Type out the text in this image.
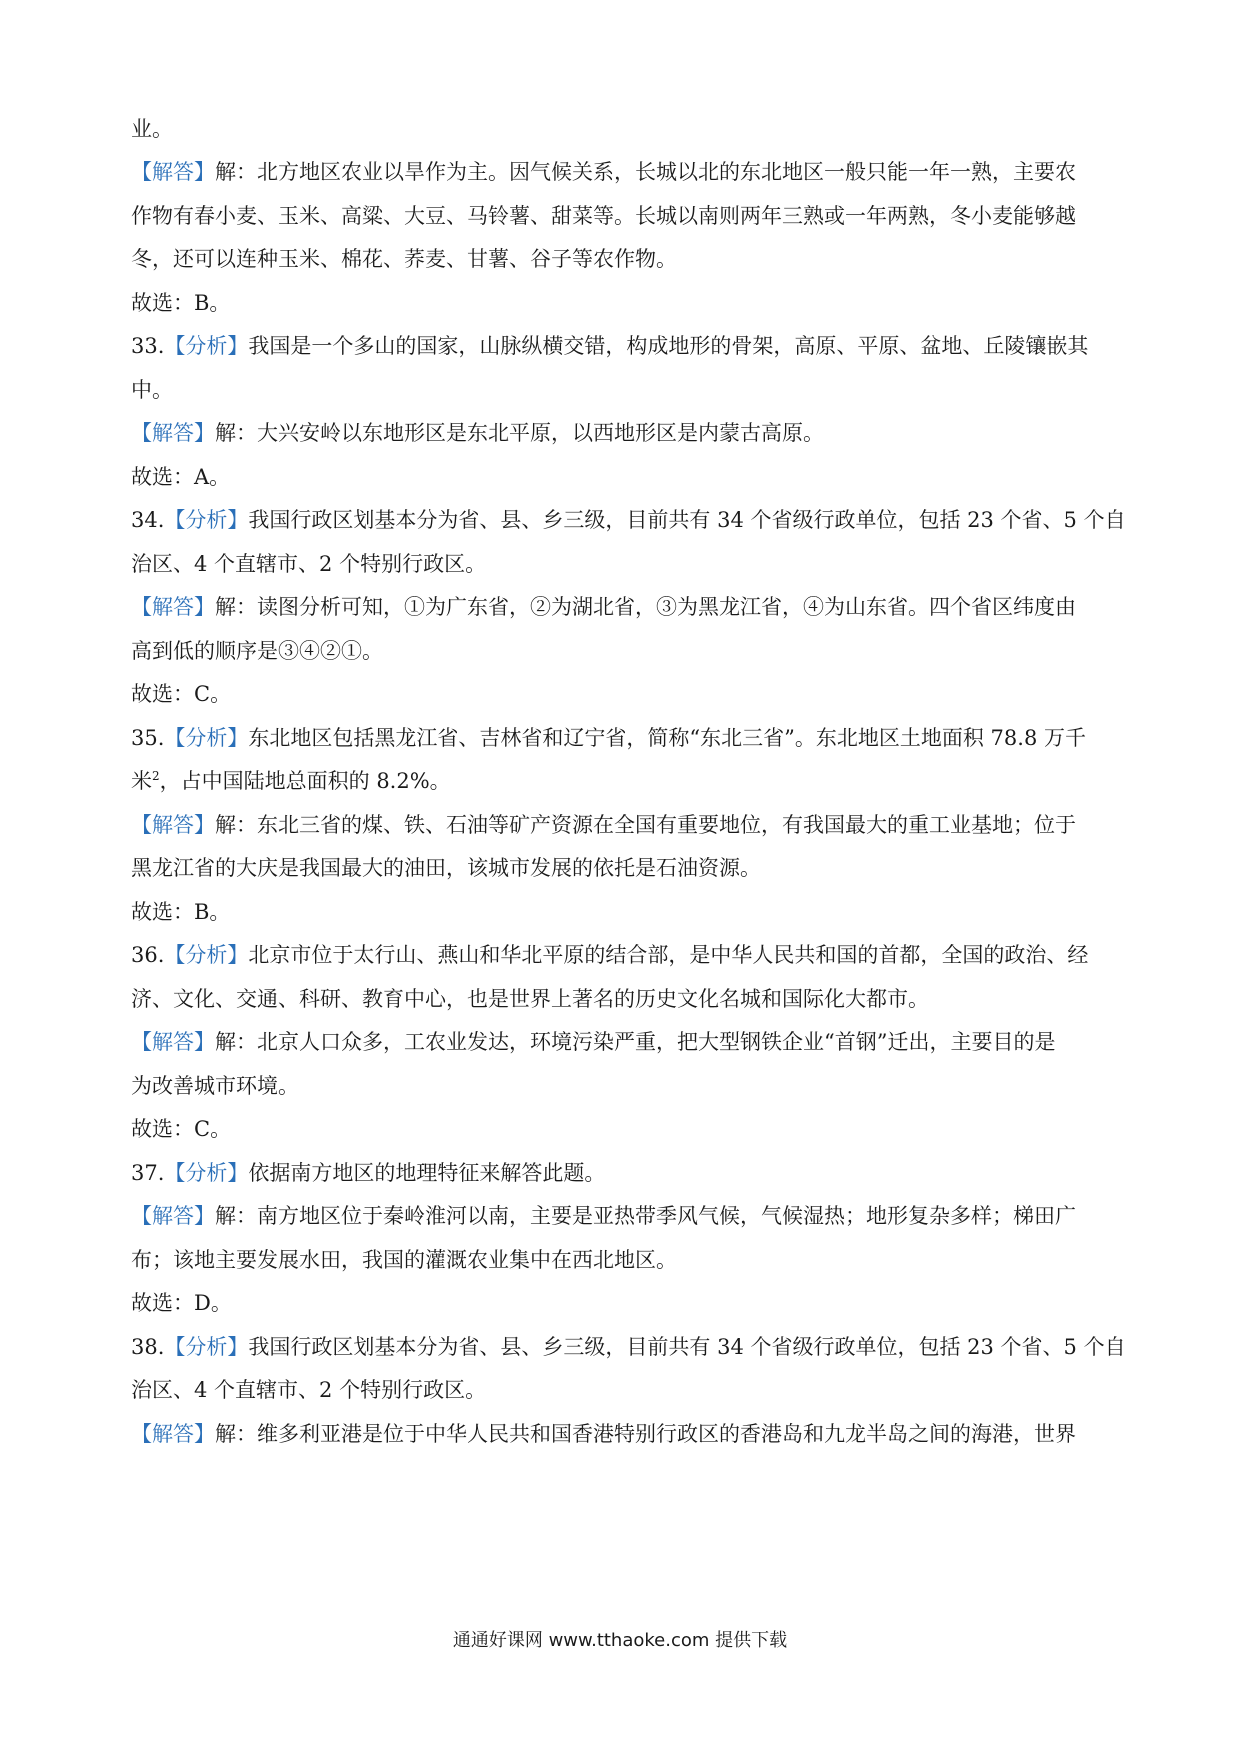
业。
【解答】解：北方地区农业以旱作为主。因气候关系，长城以北的东北地区一般只能一年一熟，主要农
作物有春小麦、玉米、高粱、大豆、马铃薯、甜菜等。长城以南则两年三熟或一年两熟，冬小麦能够越
冬，还可以连种玉米、棉花、荞麦、甘薯、谷子等农作物。
故选：B。
33.【分析】我国是一个多山的国家，山脉纵横交错，构成地形的骨架，高原、平原、盆地、丘陵镶嵌其
中。
【解答】解：大兴安岭以东地形区是东北平原，以西地形区是内蒙古高原。
故选：A。
34.【分析】我国行政区划基本分为省、县、乡三级，目前共有 34 个省级行政单位，包括 23 个省、5 个自
治区、4 个直辖市、2 个特别行政区。
【解答】解：读图分析可知，①为广东省，②为湖北省，③为黑龙江省，④为山东省。四个省区纬度由
高到低的顺序是③④②①。
故选：C。
35.【分析】东北地区包括黑龙江省、吉林省和辽宁省，简称“东北三省”。东北地区土地面积 78.8 万千
米$^2$，占中国陆地总面积的 8.2%。
【解答】解：东北三省的煤、铁、石油等矿产资源在全国有重要地位，有我国最大的重工业基地；位于
黑龙江省的大庆是我国最大的油田，该城市发展的依托是石油资源。
故选：B。
36.【分析】北京市位于太行山、燕山和华北平原的结合部，是中华人民共和国的首都，全国的政治、经
济、文化、交通、科研、教育中心，也是世界上著名的历史文化名城和国际化大都市。
【解答】解：北京人口众多，工农业发达，环境污染严重，把大型钢铁企业“首钢”迁出，主要目的是
为改善城市环境。
故选：C。
37.【分析】依据南方地区的地理特征来解答此题。
【解答】解：南方地区位于秦岭淮河以南，主要是亚热带季风气候，气候湿热；地形复杂多样；梯田广
布；该地主要发展水田，我国的灌溉农业集中在西北地区。
故选：D。
38.【分析】我国行政区划基本分为省、县、乡三级，目前共有 34 个省级行政单位，包括 23 个省、5 个自
治区、4 个直辖市、2 个特别行政区。
【解答】解：维多利亚港是位于中华人民共和国香港特别行政区的香港岛和九龙半岛之间的海港，世界
通通好课网 www.tthaoke.com 提供下载
